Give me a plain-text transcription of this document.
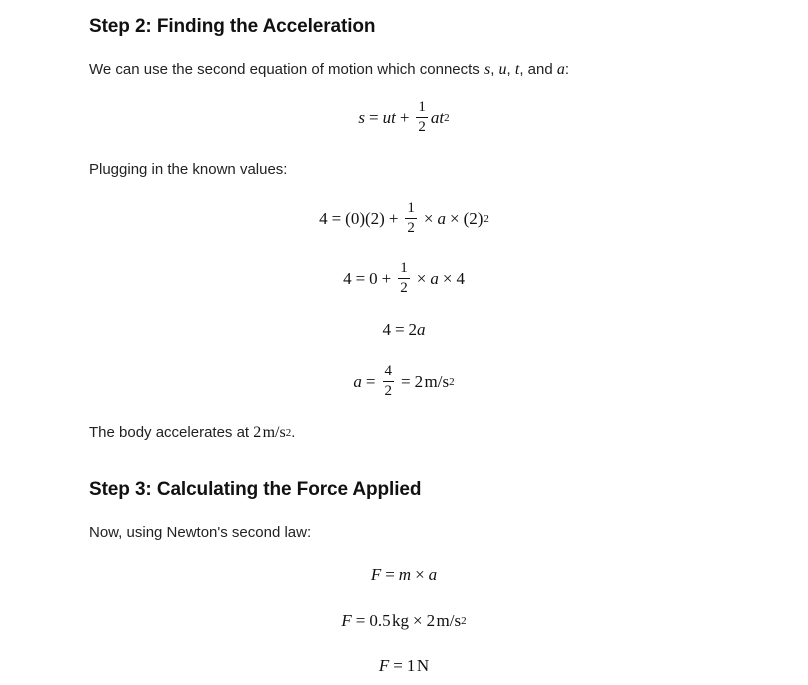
Step 2: Finding the Acceleration

We can use the second equation of motion which connects s , u , t , and a :

s = ut + $\frac{1}{2}$ at 2

Plugging in the known values:

$4 = (0)(2) + \frac{1}{2} \times a \times (2)$ 2
$4 = 0 + \frac{1}{2} \times a \times 4$
4 = 2 a
$a = \frac{4}{2} = 2$
  m/s 2

The body accelerates at 2
  m/s 2 .

Step 3: Calculating the Force Applied

Now, using Newton's second law:

F = m × a
F = 0.5
  kg × 2
  m/s 2
F = 1
  N
